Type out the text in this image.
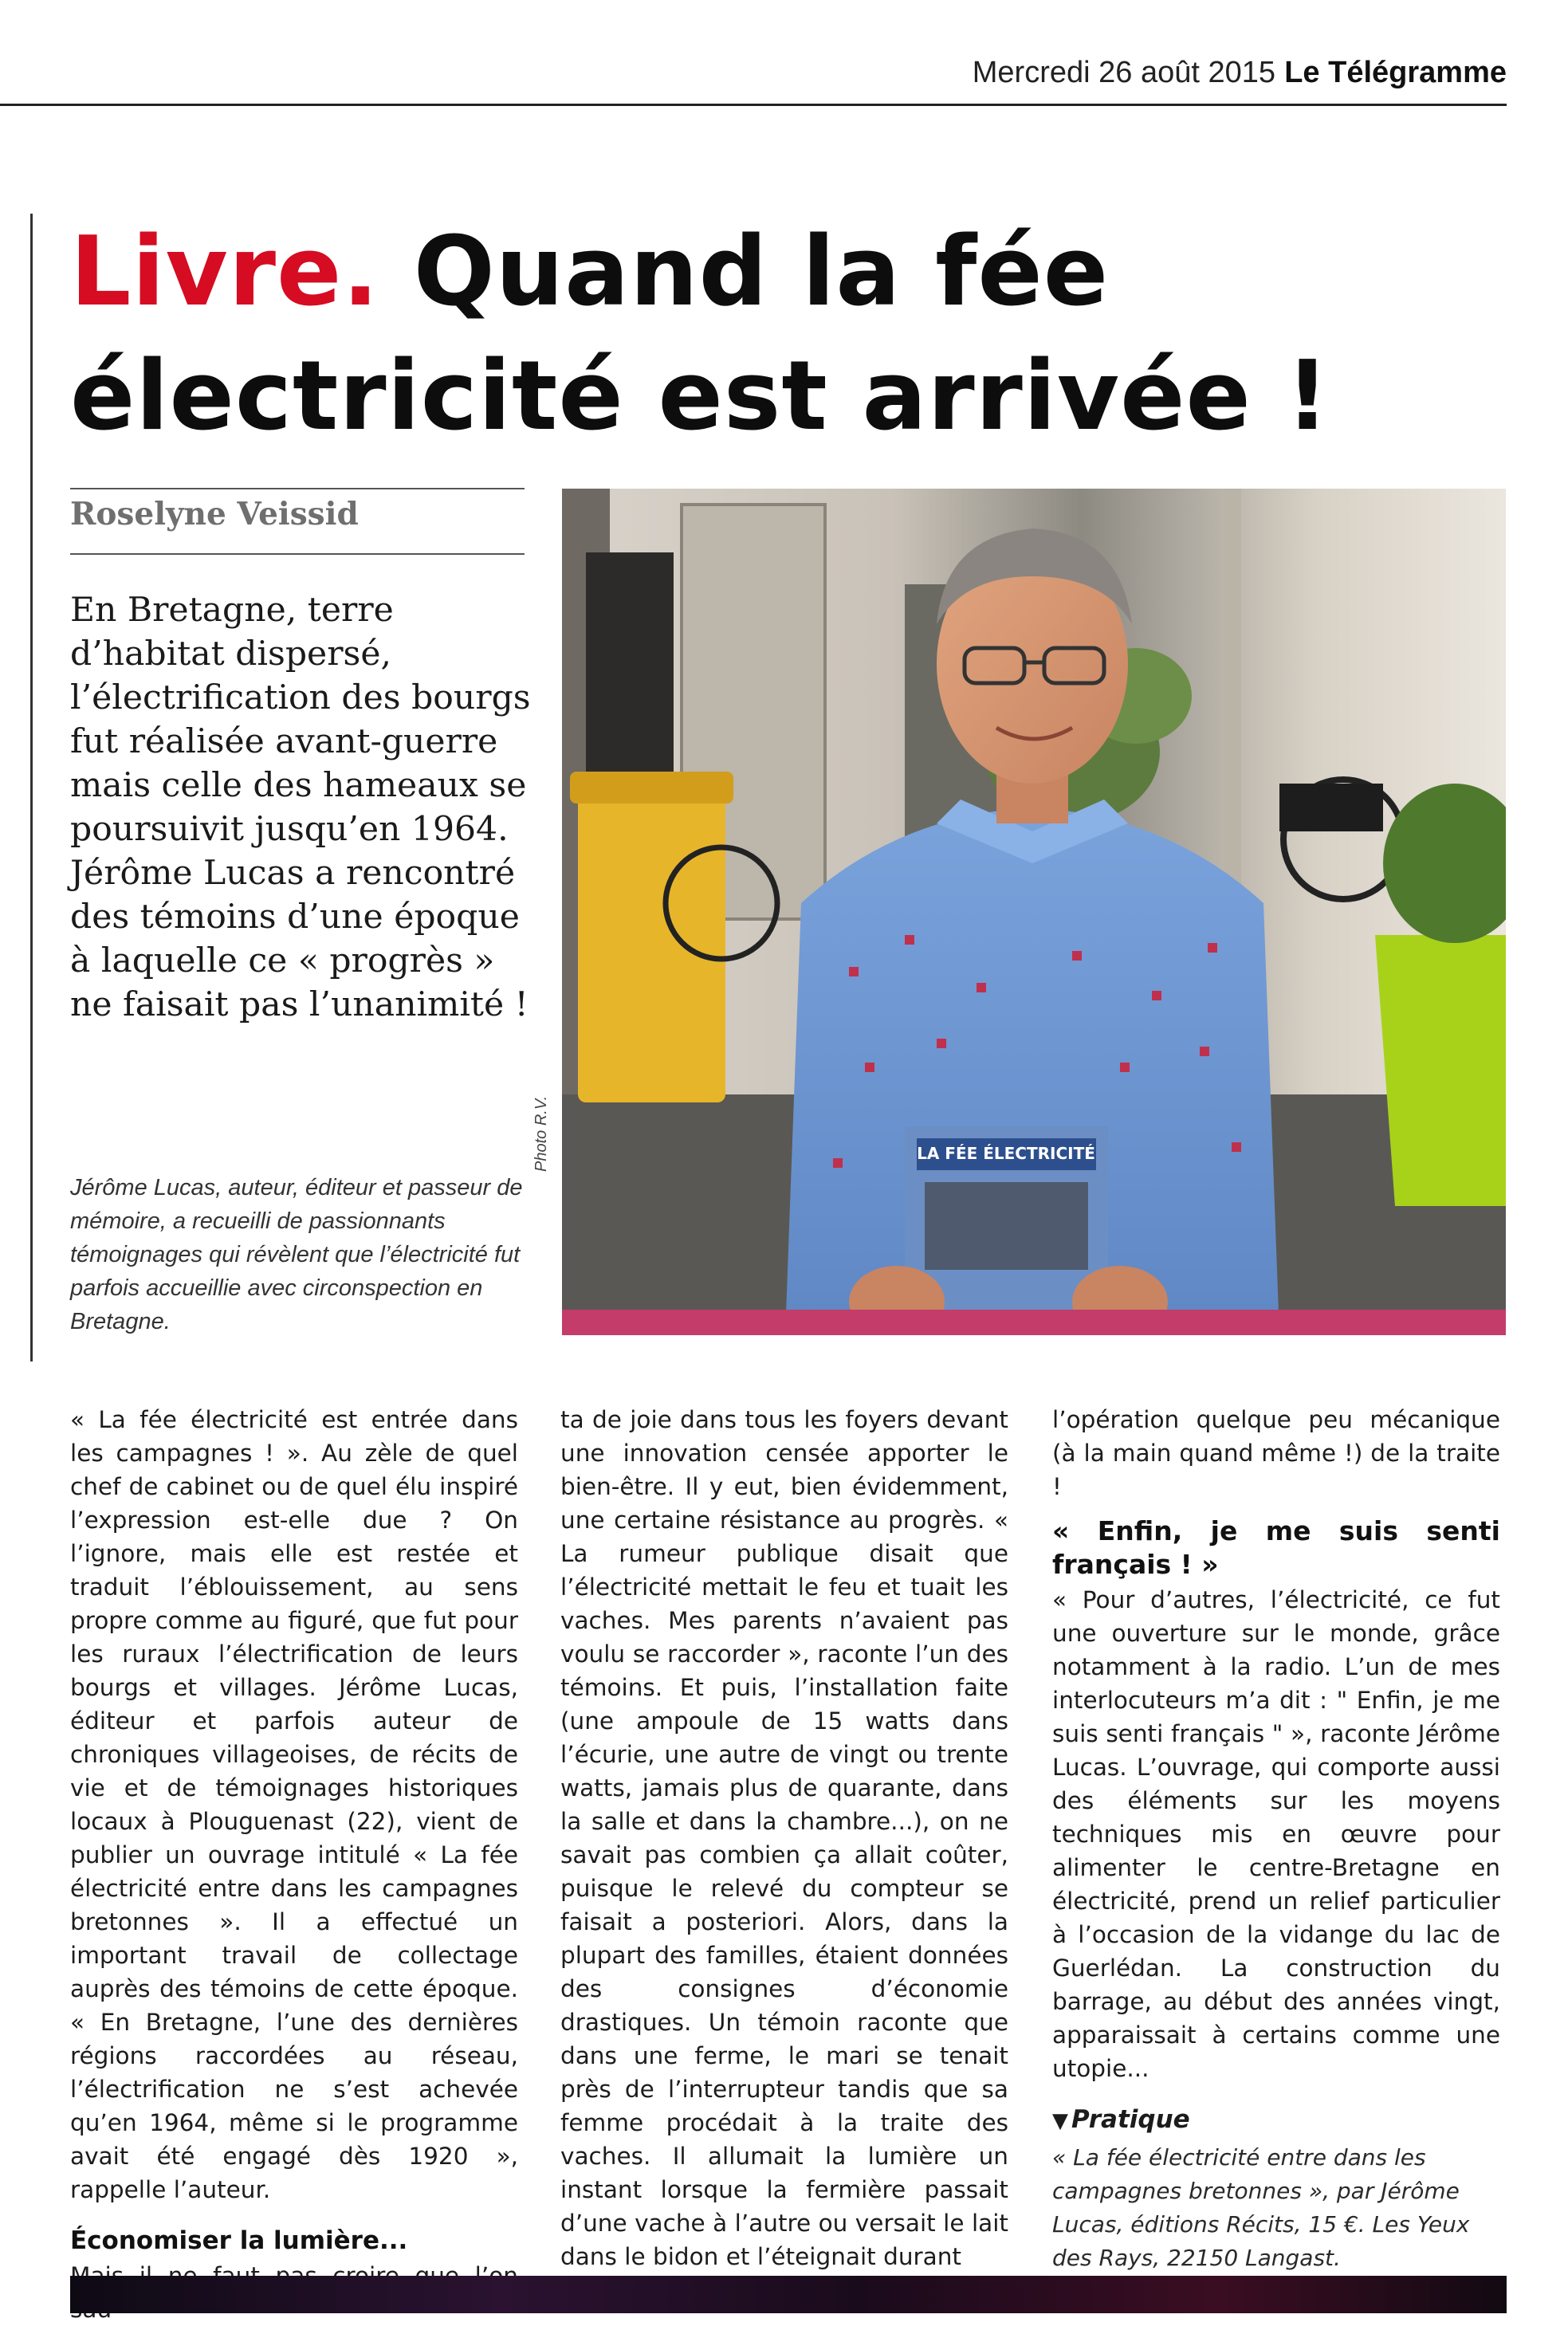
Mercredi 26 août 2015 Le Télégramme
Livre. Quand la fée
électricité est arrivée !
Roselyne Veissid
En Bretagne, terre d’habitat dispersé, l’électrification des bourgs fut réalisée avant-guerre mais celle des hameaux se poursuivit jusqu’en 1964. Jérôme Lucas a rencontré des témoins d’une époque à laquelle ce « progrès » ne faisait pas l’unanimité !
LA FÉE ÉLECTRICITÉ
Photo R.V.
Jérôme Lucas, auteur, éditeur et passeur de mémoire, a recueilli de passionnants témoignages qui révèlent que l’électricité fut parfois accueillie avec circonspection en Bretagne.

« La fée électricité est entrée dans les campagnes ! ». Au zèle de quel chef de cabinet ou de quel élu inspiré l’expression est-elle due ? On l’ignore, mais elle est restée et traduit l’éblouissement, au sens propre comme au figuré, que fut pour les ruraux l’électrification de leurs bourgs et villages. Jérôme Lucas, éditeur et parfois auteur de chroniques villageoises, de récits de vie et de témoignages historiques locaux à Plouguenast (22), vient de publier un ouvrage intitulé « La fée électricité entre dans les campagnes bretonnes ». Il a effectué un important travail de collectage auprès des témoins de cette époque. « En Bretagne, l’une des dernières régions raccordées au réseau, l’électrification ne s’est achevée qu’en 1964, même si le programme avait été engagé dès 1920 », rappelle l’auteur.

Économiser la lumière...

ta de joie dans tous les foyers devant une innovation censée apporter le bien-être. Il y eut, bien évidemment, une certaine résistance au progrès. « La rumeur publique disait que l’électricité mettait le feu et tuait les vaches. Mes parents n’avaient pas voulu se raccorder », raconte l’un des témoins. Et puis, l’installation faite (une ampoule de 15 watts dans l’écurie, une autre de vingt ou trente watts, jamais plus de quarante, dans la salle et dans la chambre...), on ne savait pas combien ça allait coûter, puisque le relevé du compteur se faisait a posteriori. Alors, dans la plupart des familles, étaient données des consignes d’économie drastiques. Un témoin raconte que dans une ferme, le mari se tenait près de l’interrupteur tandis que sa femme procédait à la traite des vaches. Il allumait la lumière un instant lorsque la fermière passait d’une vache à l’autre ou versait le lait dans le bidon et l’éteignait durant

l’opération quelque peu mécanique (à la main quand même !) de la traite !

« Enfin, je me suis senti français ! »

« Pour d’autres, l’électricité, ce fut une ouverture sur le monde, grâce notamment à la radio. L’un de mes interlocuteurs m’a dit : " Enfin, je me suis senti français " », raconte Jérôme Lucas. L’ouvrage, qui comporte aussi des éléments sur les moyens techniques mis en œuvre pour alimenter le centre-Bretagne en électricité, prend un relief particulier à l’occasion de la vidange du lac de Guerlédan. La construction du barrage, au début des années vingt, apparaissait à certains comme une utopie...

▼ Pratique
« La fée électricité entre dans les campagnes bretonnes », par Jérôme Lucas, éditions Récits, 15 €. Les Yeux des Rays, 22150 Langast.
